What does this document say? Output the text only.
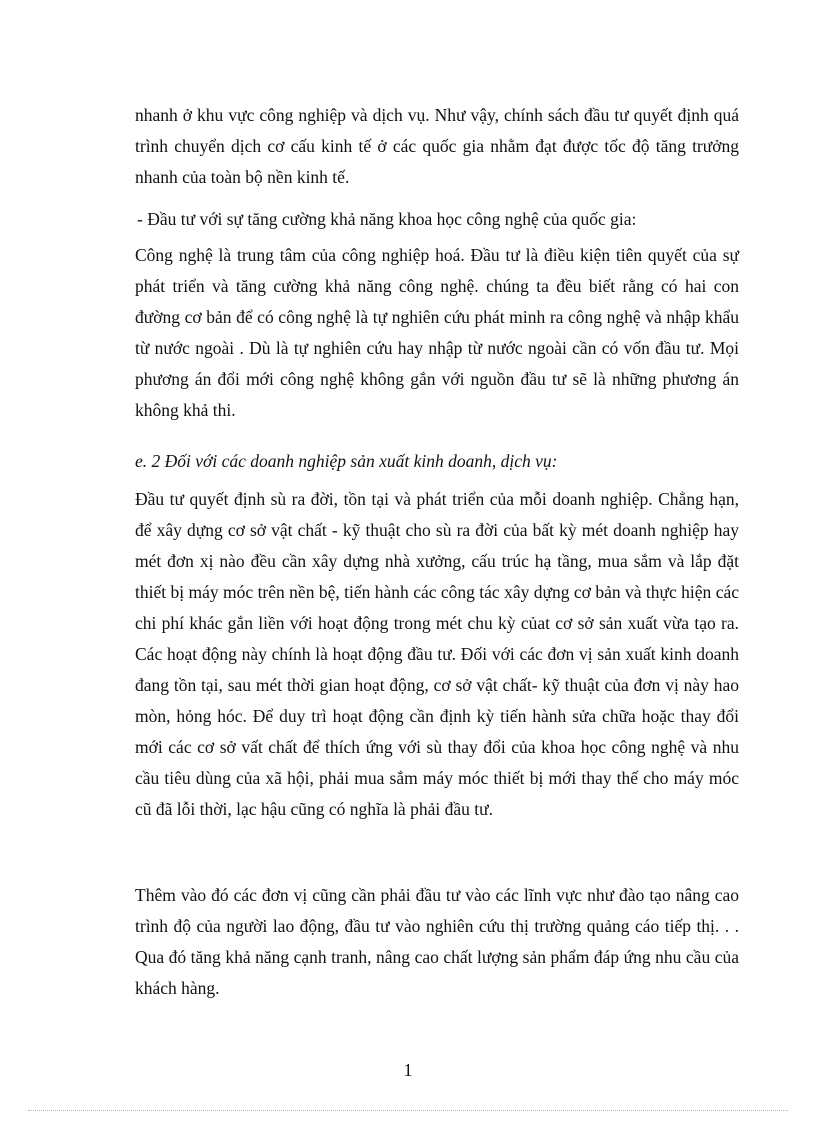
nhanh ở khu vực công nghiệp và dịch vụ. Như vậy, chính sách đầu tư quyết định quá trình chuyển dịch cơ cấu kinh tế ở các quốc gia nhằm đạt được tốc độ tăng trưởng nhanh của toàn bộ nền kinh tế.

- Đầu tư với sự tăng cường khả năng khoa học công nghệ của quốc gia:

Công nghệ là trung tâm của công nghiệp hoá. Đầu tư là điều kiện tiên quyết của sự phát triển và tăng cường khả năng công nghệ. chúng ta đều biết rằng có hai con đường cơ bản để có công nghệ là tự nghiên cứu phát minh ra công nghệ và nhập khẩu từ nước ngoài . Dù là tự nghiên cứu hay nhập từ nước ngoài cần có vốn đầu tư. Mọi phương án đổi mới công nghệ không gắn với nguồn đầu tư sẽ là những phương án không khả thi.

e. 2 Đối với các doanh nghiệp sản xuất kinh doanh, dịch vụ:

Đầu tư quyết định sù ra đời, tồn tại và phát triển của mỗi doanh nghiệp. Chẳng hạn, để xây dựng cơ sở vật chất - kỹ thuật cho sù ra đời của bất kỳ mét doanh nghiệp hay mét đơn xị nào đều cần xây dựng nhà xưởng, cấu trúc hạ tầng, mua sắm và lắp đặt thiết bị máy móc trên nền bệ, tiến hành các công tác xây dựng cơ bản và thực hiện các chi phí khác gắn liền với hoạt động trong mét chu kỳ củat cơ sở sản xuất vừa tạo ra. Các hoạt động này chính là hoạt động đầu tư. Đối với các đơn vị sản xuất kinh doanh đang tồn tại, sau mét thời gian hoạt động, cơ sở vật chất- kỹ thuật của đơn vị này hao mòn, hỏng hóc. Để duy trì hoạt động cần định kỳ tiến hành sửa chữa hoặc thay đổi mới các cơ sở vất chất để thích ứng với sù thay đổi của khoa học công nghệ và nhu cầu tiêu dùng của xã hội, phải mua sắm máy móc thiết bị mới thay thế cho máy móc cũ đã lỗi thời, lạc hậu cũng có nghĩa là phải đầu tư.

Thêm vào đó các đơn vị cũng cần phải đầu tư vào các lĩnh vực như đào tạo nâng cao trình độ của người lao động, đầu tư vào nghiên cứu thị trường quảng cáo tiếp thị. . . Qua đó tăng khả năng cạnh tranh, nâng cao chất lượng sản phẩm đáp ứng nhu cầu của khách hàng.

1
